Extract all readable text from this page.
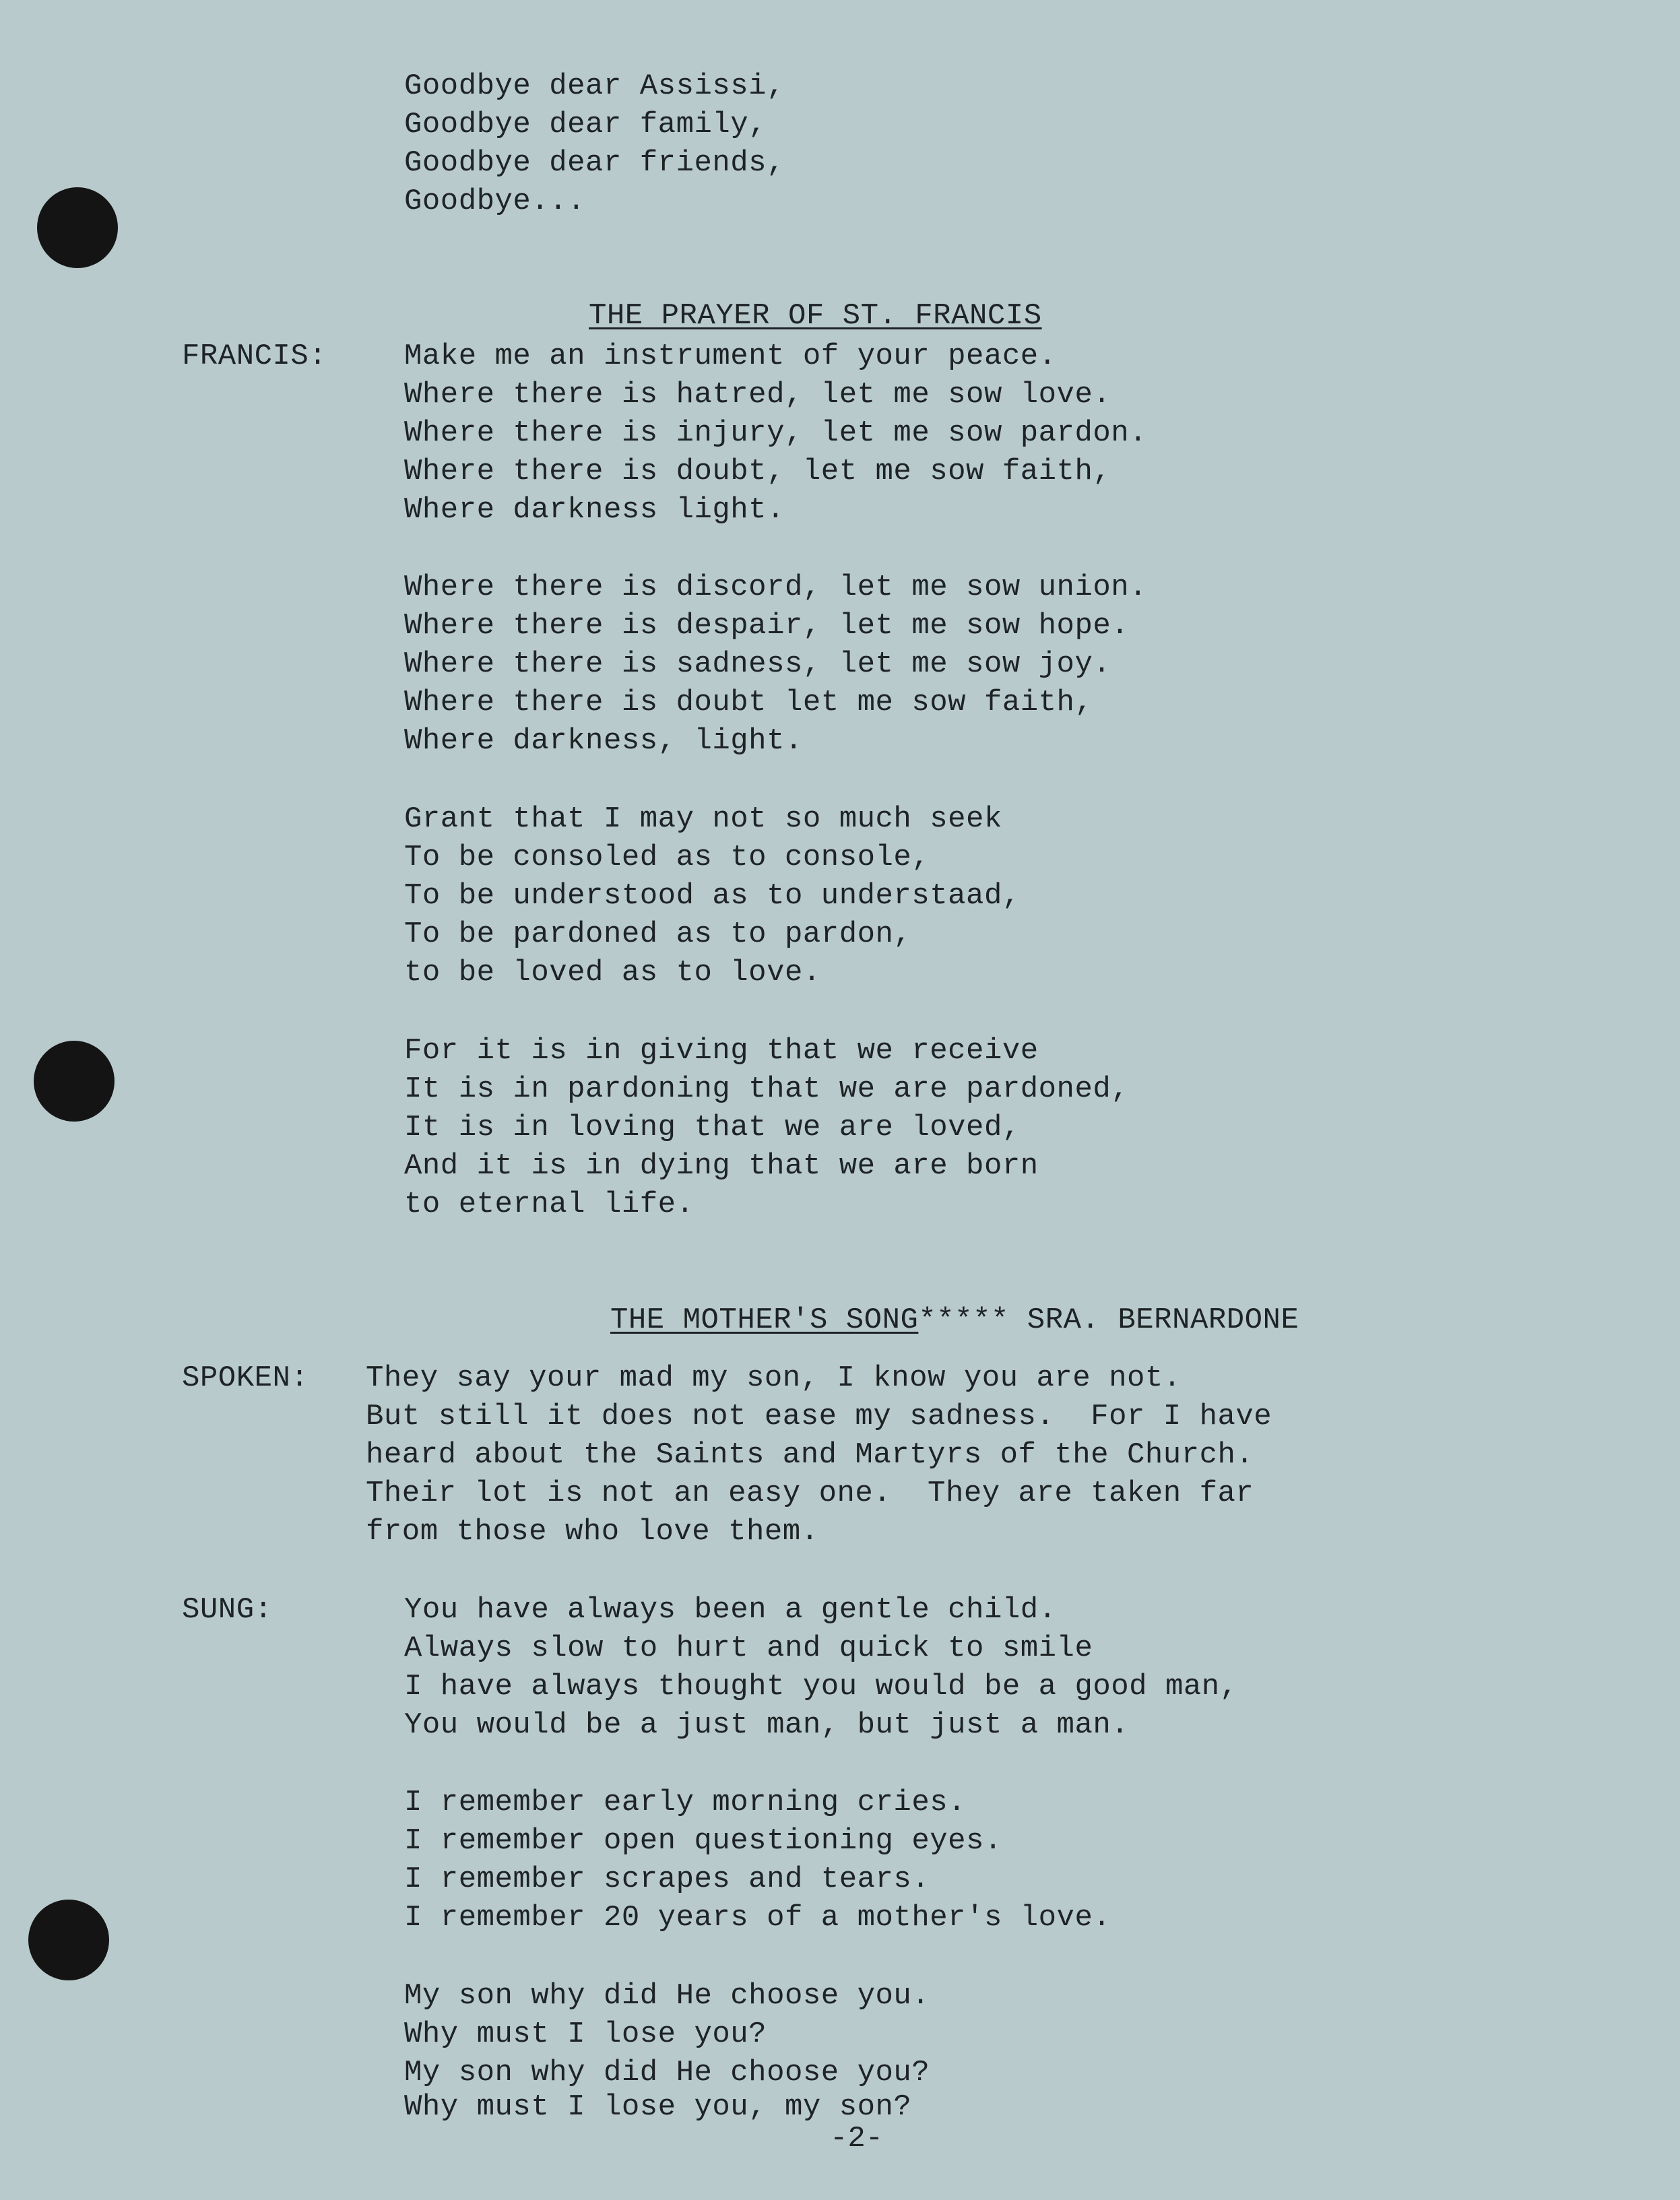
Goodbye dear Assissi,
Goodbye dear family,
Goodbye dear friends,
Goodbye...
THE PRAYER OF ST. FRANCIS
FRANCIS:	Make me an instrument of your peace.
Where there is hatred, let me sow love.
Where there is injury, let me sow pardon.
Where there is doubt, let me sow faith,
Where darkness light.
Where there is discord, let me sow union.
Where there is despair, let me sow hope.
Where there is sadness, let me sow joy.
Where there is doubt let me sow faith,
Where darkness, light.
Grant that I may not so much seek
To be consoled as to console,
To be understood as to understaad,
To be pardoned as to pardon,
to be loved as to love.
For it is in giving that we receive
It is in pardoning that we are pardoned,
It is in loving that we are loved,
And it is in dying that we are born
to eternal life.
THE MOTHER'S SONG***** SRA. BERNARDONE
SPOKEN: They say your mad my son, I know you are not.
But still it does not ease my sadness.  For I have
heard about the Saints and Martyrs of the Church.
Their lot is not an easy one.  They are taken far
from those who love them.
SUNG:	You have always been a gentle child.
Always slow to hurt and quick to smile
I have always thought you would be a good man,
You would be a just man, but just a man.
I remember early morning cries.
I remember open questioning eyes.
I remember scrapes and tears.
I remember 20 years of a mother's love.
My son why did He choose you.
Why must I lose you?
My son why did He choose you?
Why must I lose you, my son?
-2-
